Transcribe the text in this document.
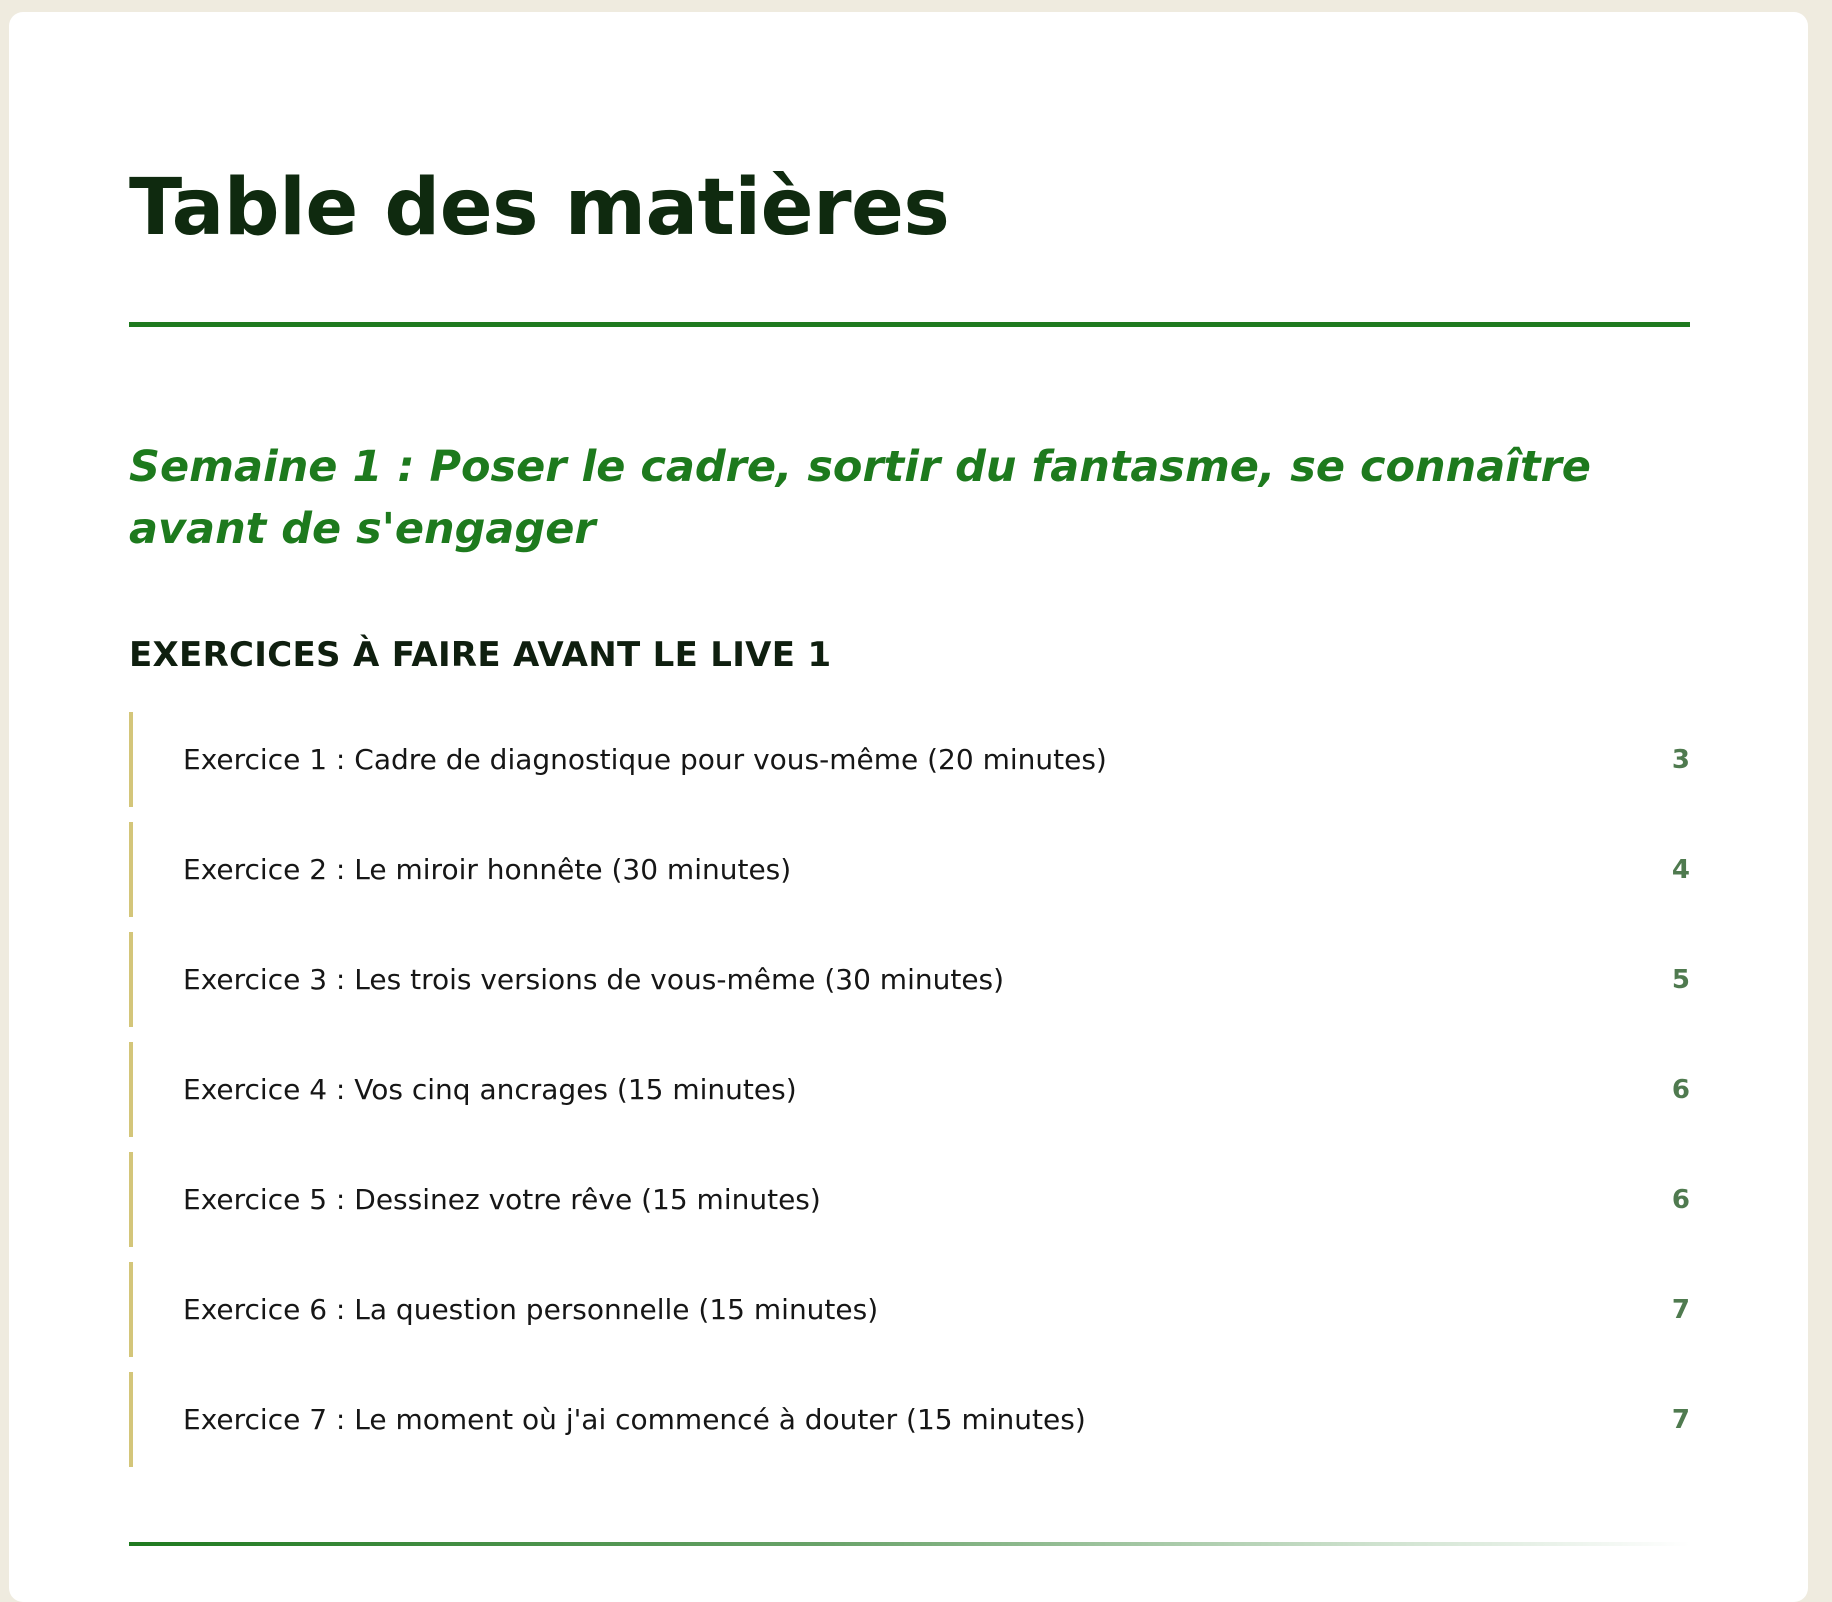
Table des matières
Semaine 1 : Poser le cadre, sortir du fantasme, se connaître avant de s'engager
EXERCICES À FAIRE AVANT LE LIVE 1
Exercice 1 : Cadre de diagnostique pour vous-même (20 minutes)	3
Exercice 2 : Le miroir honnête (30 minutes)	4
Exercice 3 : Les trois versions de vous-même (30 minutes)	5
Exercice 4 : Vos cinq ancrages (15 minutes)	6
Exercice 5 : Dessinez votre rêve (15 minutes)	6
Exercice 6 : La question personnelle (15 minutes)	7
Exercice 7 : Le moment où j'ai commencé à douter (15 minutes)	7
